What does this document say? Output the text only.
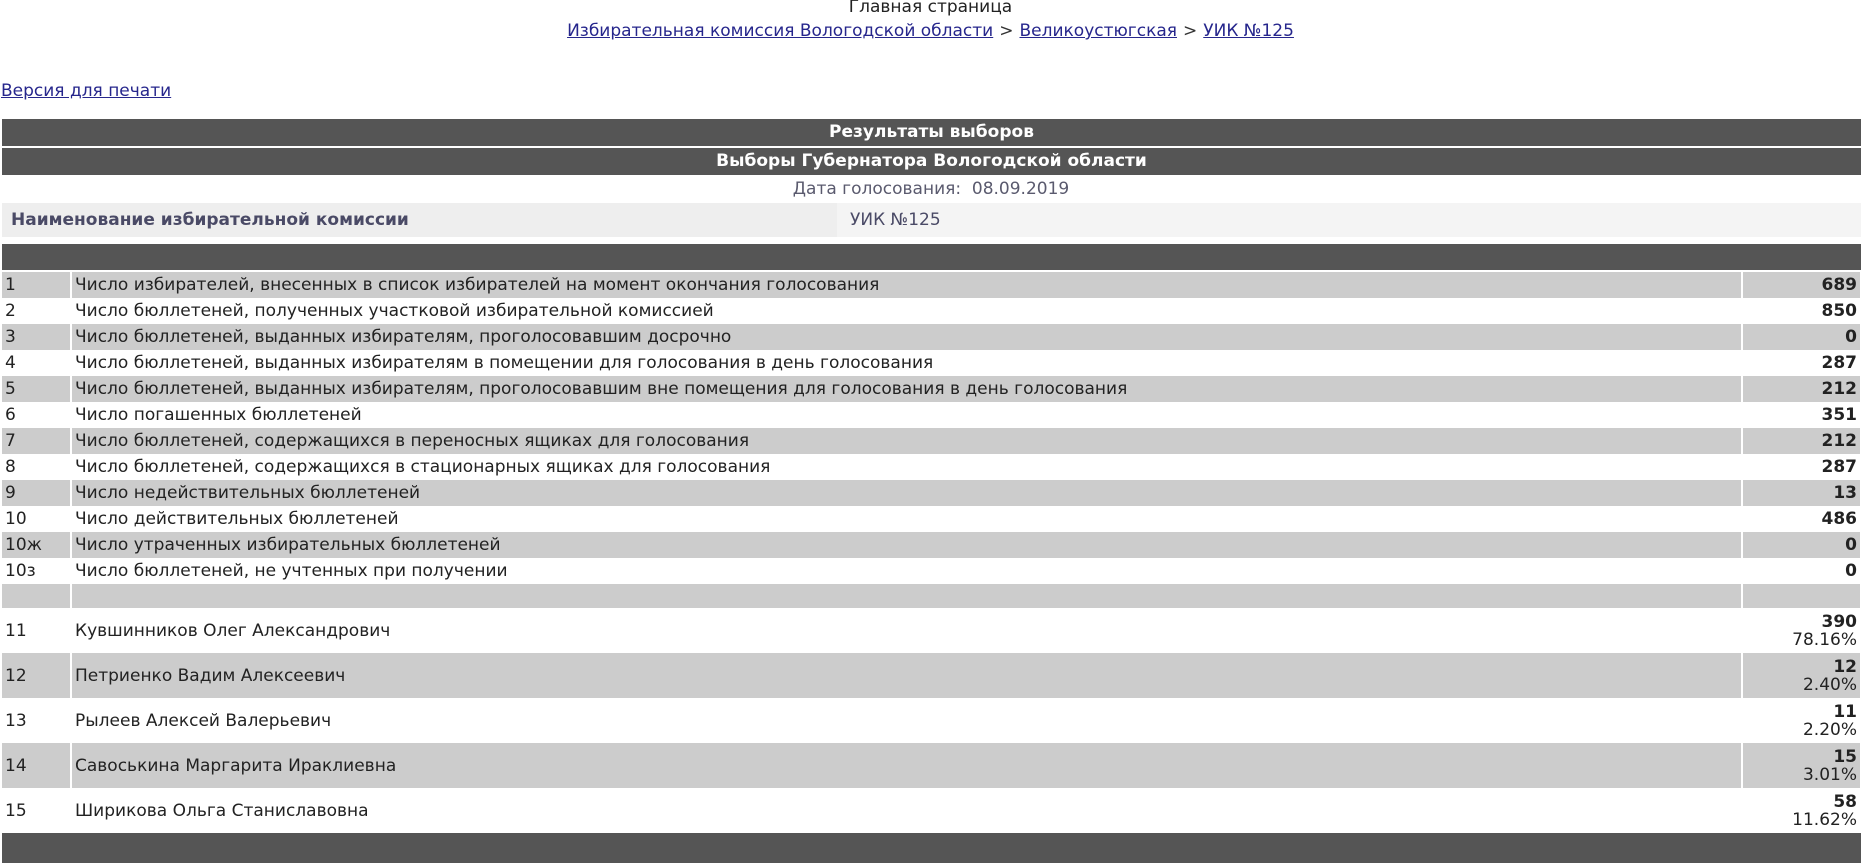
Главная страница
Избирательная комиссия Вологодской области > Великоустюгская > УИК №125
Версия для печати
Результаты выборов
Выборы Губернатора Вологодской области
Дата голосования: 08.09.2019
Наименование избирательной комиссии	УИК №125
1	Число избирателей, внесенных в список избирателей на момент окончания голосования	689
2	Число бюллетеней, полученных участковой избирательной комиссией	850
3	Число бюллетеней, выданных избирателям, проголосовавшим досрочно	0
4	Число бюллетеней, выданных избирателям в помещении для голосования в день голосования	287
5	Число бюллетеней, выданных избирателям, проголосовавшим вне помещения для голосования в день голосования	212
6	Число погашенных бюллетеней	351
7	Число бюллетеней, содержащихся в переносных ящиках для голосования	212
8	Число бюллетеней, содержащихся в стационарных ящиках для голосования	287
9	Число недействительных бюллетеней	13
10	Число действительных бюллетеней	486
10ж	Число утраченных избирательных бюллетеней	0
10з	Число бюллетеней, не учтенных при получении	0

11	Кувшинников Олег Александрович	390
78.16%

12	Петриенко Вадим Алексеевич	12
2.40%

13	Рылеев Алексей Валерьевич	11
2.20%

14	Савоськина Маргарита Ираклиевна	15
3.01%

15	Ширикова Ольга Станиславовна	58
11.62%
